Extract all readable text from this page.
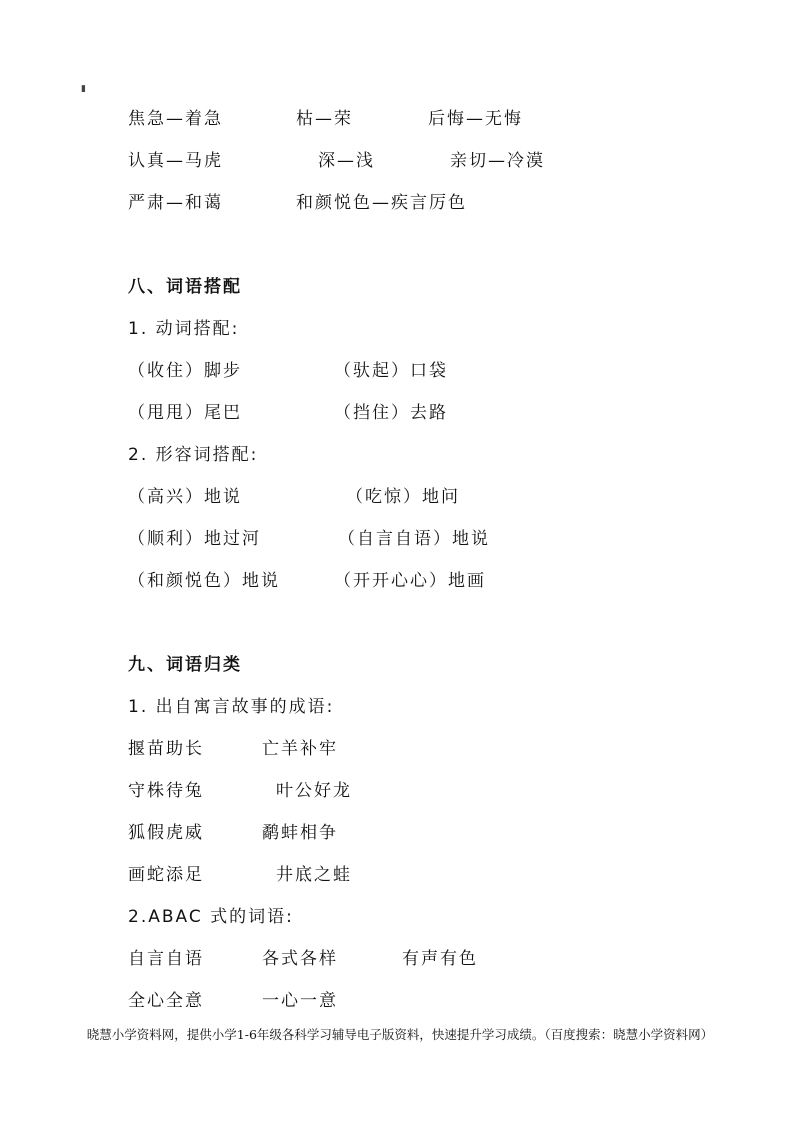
▮
焦急—着急	枯—荣	后悔—无悔
认真—马虎	深—浅	亲切—冷漠
严肃—和蔼	和颜悦色—疾言厉色
八、词语搭配
1. 动词搭配:
（收住）脚步	（驮起）口袋
（甩甩）尾巴	（挡住）去路
2. 形容词搭配:
（高兴）地说	（吃惊）地问
（顺利）地过河	（自言自语）地说
（和颜悦色）地说	（开开心心）地画
九、词语归类
1. 出自寓言故事的成语:
揠苗助长	亡羊补牢
守株待兔	叶公好龙
狐假虎威	鹬蚌相争
画蛇添足	井底之蛙
2.ABAC 式的词语:
自言自语	各式各样	有声有色
全心全意	一心一意
晓慧小学资料网，提供小学1-6年级各科学习辅导电子版资料，快速提升学习成绩。（百度搜索：晓慧小学资料网）
